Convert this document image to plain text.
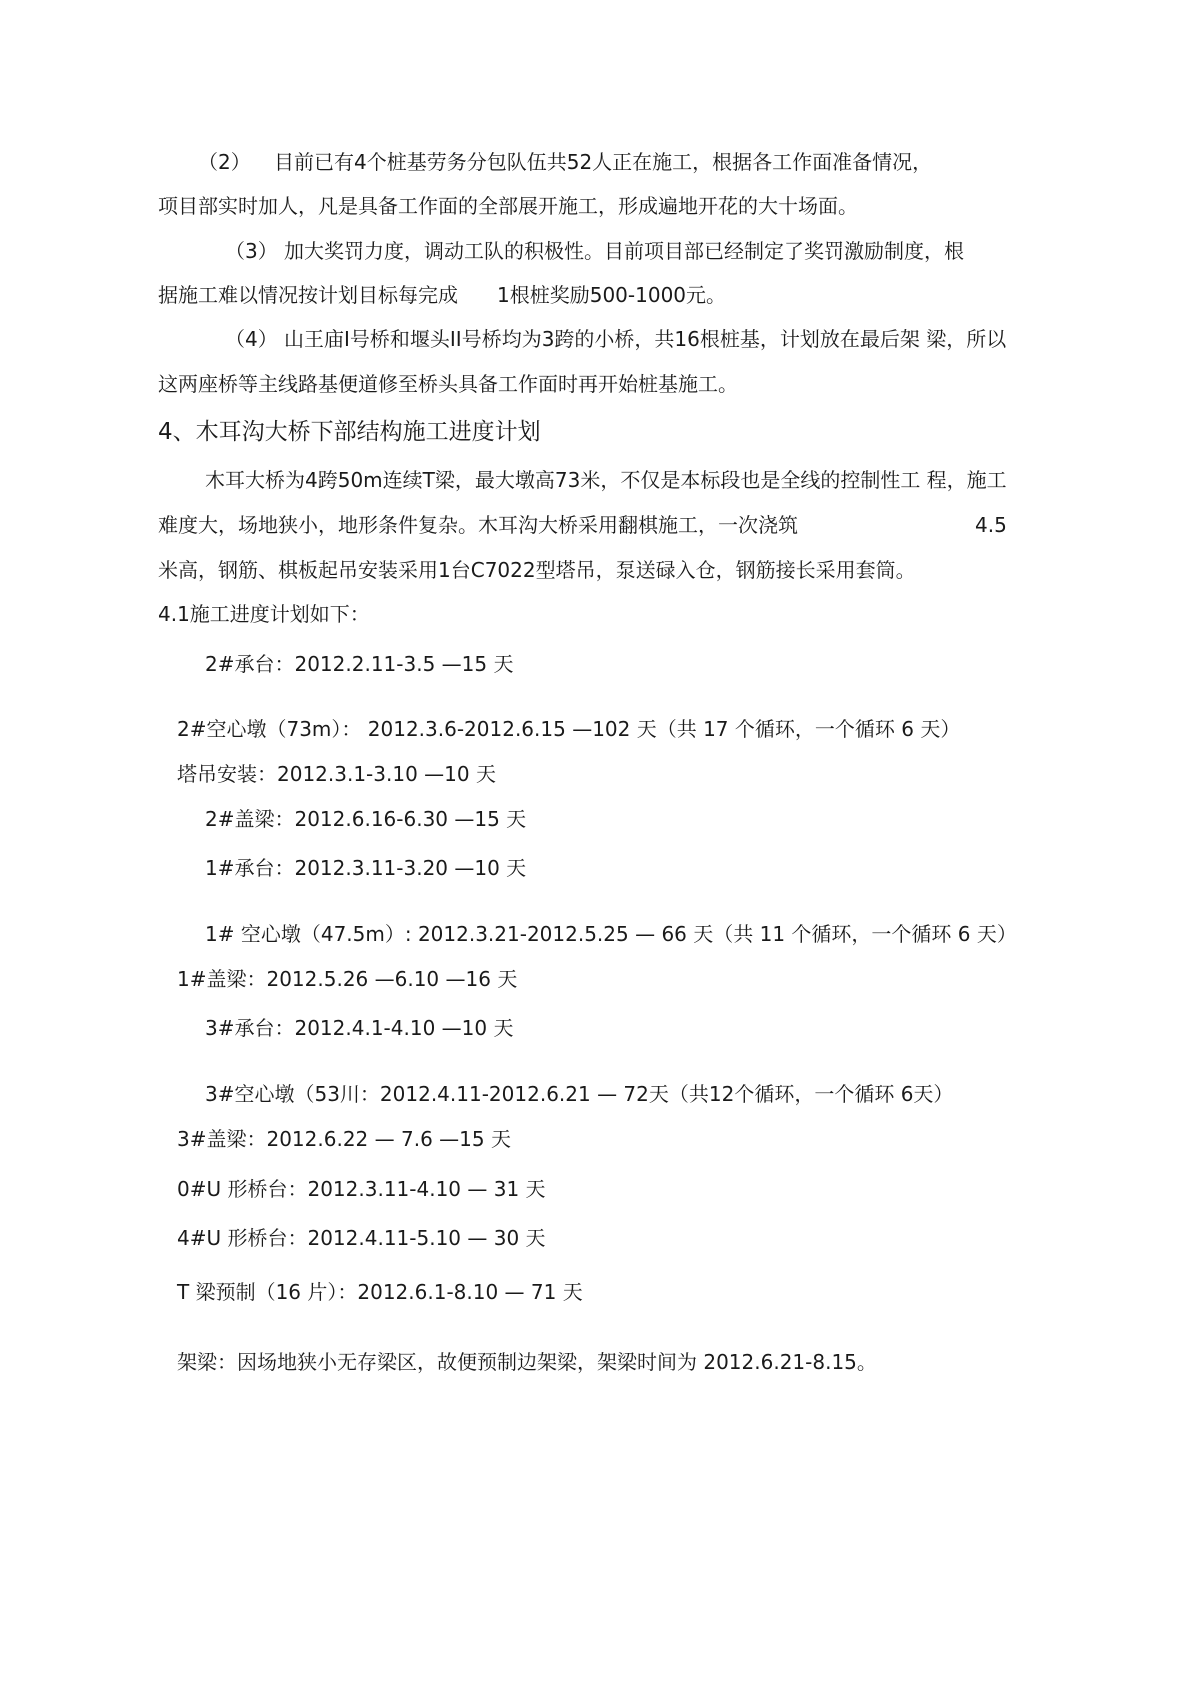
（2） 目前已有4个桩基劳务分包队伍共52人正在施工，根据各工作面准备情况，
项目部实时加人，凡是具备工作面的全部展开施工，形成遍地开花的大十场面。
（3） 加大奖罚力度，调动工队的积极性。目前项目部已经制定了奖罚激励制度，根
据施工难以情况按计划目标每完成 1根桩奖励500-1000元。
（4） 山王庙I号桥和堰头II号桥均为3跨的小桥，共16根桩基，计划放在最后架 梁，所以
这两座桥等主线路基便道修至桥头具备工作面时再开始桩基施工。
4、木耳沟大桥下部结构施工进度计划
木耳大桥为4跨50m连续T梁，最大墩高73米，不仅是本标段也是全线的控制性工 程，施工
难度大，场地狭小，地形条件复杂。木耳沟大桥采用翻棋施工，一次浇筑	4.5
米高，钢筋、棋板起吊安装采用1台C7022型塔吊，泵送碌入仓，钢筋接长采用套筒。
4.1施工进度计划如下：
2#承台：2012.2.11-3.5 —15 天
2#空心墩（73m）： 2012.3.6-2012.6.15 —102 天（共 17 个循环，一个循环 6 天）
塔吊安装：2012.3.1-3.10 —10 天
2#盖梁：2012.6.16-6.30 —15 天
1#承台：2012.3.11-3.20 —10 天
1# 空心墩（47.5m）: 2012.3.21-2012.5.25 — 66 天（共 11 个循环，一个循环 6 天）
1#盖梁：2012.5.26 —6.10 —16 天
3#承台：2012.4.1-4.10 —10 天
3#空心墩（53川：2012.4.11-2012.6.21 — 72天（共12个循环，一个循环 6天）
3#盖梁：2012.6.22 — 7.6 —15 天
0#U 形桥台：2012.3.11-4.10 — 31 天
4#U 形桥台：2012.4.11-5.10 — 30 天
T 梁预制（16 片）：2012.6.1-8.10 — 71 天
架梁：因场地狭小无存梁区，故便预制边架梁，架梁时间为 2012.6.21-8.15。
